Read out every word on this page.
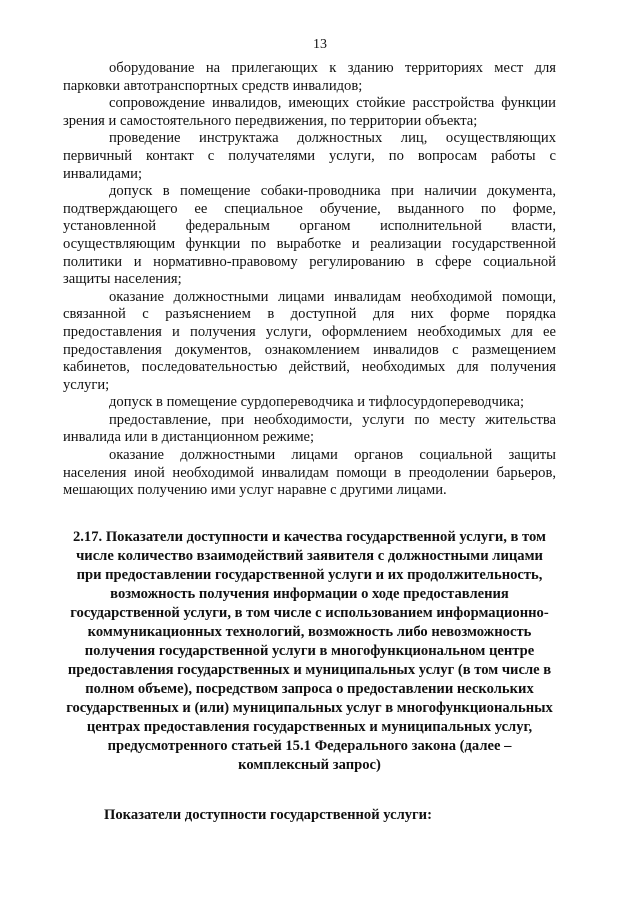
13

оборудование на прилегающих к зданию территориях мест для парковки автотранспортных средств инвалидов;

сопровождение инвалидов, имеющих стойкие расстройства функции зрения и самостоятельного передвижения, по территории объекта;

проведение инструктажа должностных лиц, осуществляющих первичный контакт с получателями услуги, по вопросам работы с инвалидами;

допуск в помещение собаки-проводника при наличии документа, подтверждающего ее специальное обучение, выданного по форме, установленной федеральным органом исполнительной власти, осуществляющим функции по выработке и реализации государственной политики и нормативно-правовому регулированию в сфере социальной защиты населения;

оказание должностными лицами инвалидам необходимой помощи, связанной с разъяснением в доступной для них форме порядка предоставления и получения услуги, оформлением необходимых для ее предоставления документов, ознакомлением инвалидов с размещением кабинетов, последовательностью действий, необходимых для получения услуги;

допуск в помещение сурдопереводчика и тифлосурдопереводчика;

предоставление, при необходимости, услуги по месту жительства инвалида или в дистанционном режиме;

оказание должностными лицами органов социальной защиты населения иной необходимой инвалидам помощи в преодолении барьеров, мешающих получению ими услуг наравне с другими лицами.

2.17. Показатели доступности и качества государственной услуги, в том числе количество взаимодействий заявителя с должностными лицами при предоставлении государственной услуги и их продолжительность, возможность получения информации о ходе предоставления государственной услуги, в том числе с использованием информационно-коммуникационных технологий, возможность либо невозможность получения государственной услуги в многофункциональном центре предоставления государственных и муниципальных услуг (в том числе в полном объеме), посредством запроса о предоставлении нескольких государственных и (или) муниципальных услуг в многофункциональных центрах предоставления государственных и муниципальных услуг, предусмотренного статьей 15.1 Федерального закона (далее – комплексный запрос)

Показатели доступности государственной услуги:
